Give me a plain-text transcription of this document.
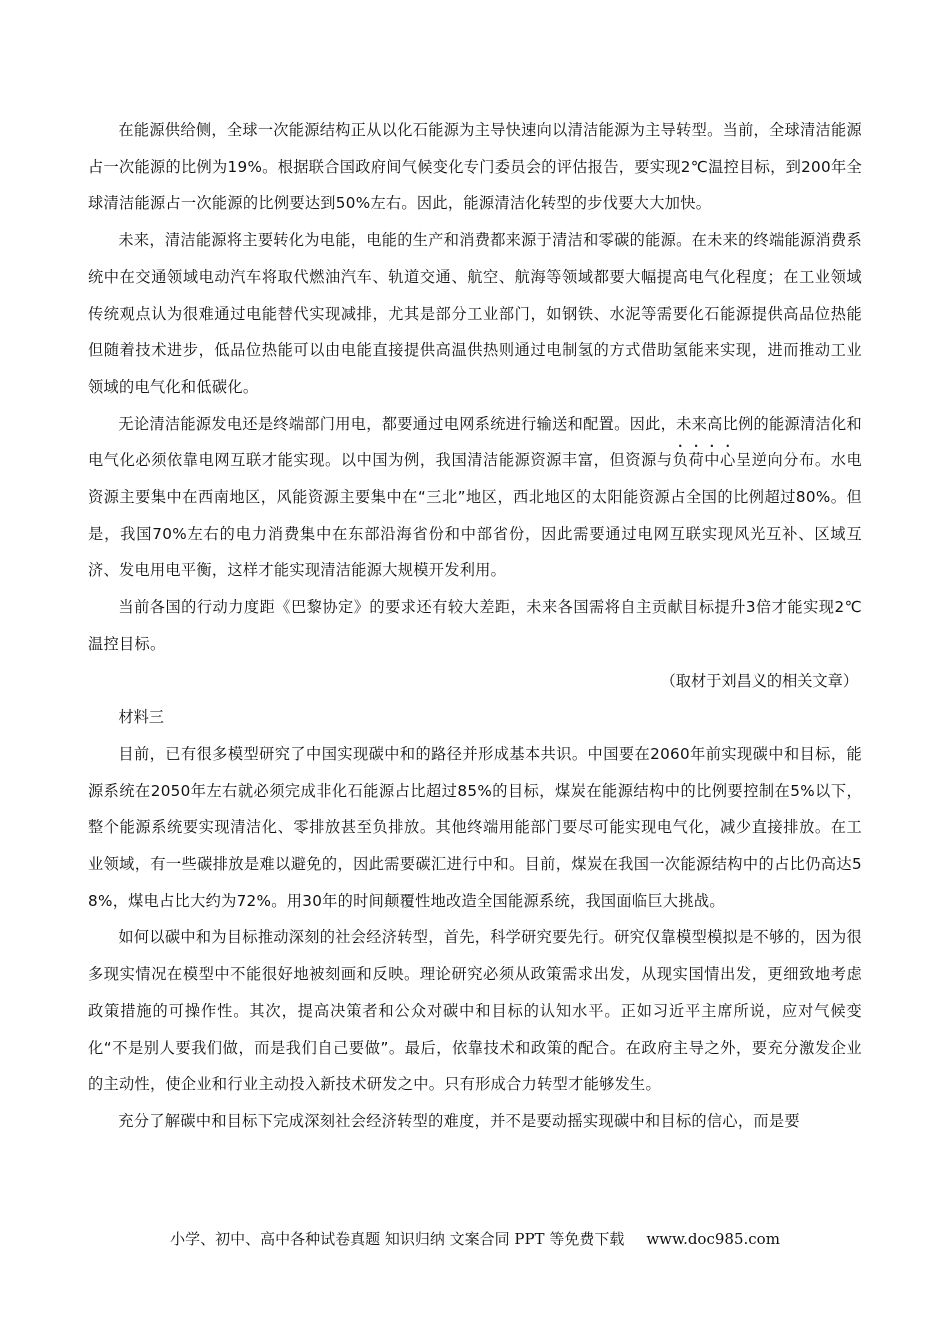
在能源供给侧，全球一次能源结构正从以化石能源为主导快速向以清洁能源为主导转型。当前，全球清洁能源占一次能源的比例为19%。根据联合国政府间气候变化专门委员会的评估报告，要实现2℃温控目标，到200年全球清洁能源占一次能源的比例要达到50%左右。因此，能源清洁化转型的步伐要大大加快。

未来，清洁能源将主要转化为电能，电能的生产和消费都来源于清洁和零碳的能源。在未来的终端能源消费系统中在交通领域电动汽车将取代燃油汽车、轨道交通、航空、航海等领域都要大幅提高电气化程度；在工业领域传统观点认为很难通过电能替代实现减排，尤其是部分工业部门，如钢铁、水泥等需要化石能源提供高品位热能但随着技术进步，低品位热能可以由电能直接提供高温供热则通过电制氢的方式借助氢能来实现，进而推动工业领域的电气化和低碳化。

无论清洁能源发电还是终端部门用电，都要通过电网系统进行输送和配置。因此，未来高比例的能源清洁化和电气化必须依靠电网互联才能实现。以中国为例，我国清洁能源资源丰富，但资源与负荷中心呈逆向分布。水电资源主要集中在西南地区，风能资源主要集中在“三北”地区，西北地区的太阳能资源占全国的比例超过80%。但是，我国70%左右的电力消费集中在东部沿海省份和中部省份，因此需要通过电网互联实现风光互补、区域互济、发电用电平衡，这样才能实现清洁能源大规模开发利用。

当前各国的行动力度距《巴黎协定》的要求还有较大差距，未来各国需将自主贡献目标提升3倍才能实现2℃温控目标。

（取材于刘昌义的相关文章）

材料三

目前，已有很多模型研究了中国实现碳中和的路径并形成基本共识。中国要在2060年前实现碳中和目标，能源系统在2050年左右就必须完成非化石能源占比超过85%的目标，煤炭在能源结构中的比例要控制在5%以下，整个能源系统要实现清洁化、零排放甚至负排放。其他终端用能部门要尽可能实现电气化，减少直接排放。在工业领域，有一些碳排放是难以避免的，因此需要碳汇进行中和。目前，煤炭在我国一次能源结构中的占比仍高达58%，煤电占比大约为72%。用30年的时间颠覆性地改造全国能源系统，我国面临巨大挑战。

如何以碳中和为目标推动深刻的社会经济转型，首先，科学研究要先行。研究仅靠模型模拟是不够的，因为很多现实情况在模型中不能很好地被刻画和反映。理论研究必须从政策需求出发，从现实国情出发，更细致地考虑政策措施的可操作性。其次，提高决策者和公众对碳中和目标的认知水平。正如习近平主席所说，应对气候变化“不是别人要我们做，而是我们自己要做”。最后，依靠技术和政策的配合。在政府主导之外，要充分激发企业的主动性，使企业和行业主动投入新技术研发之中。只有形成合力转型才能够发生。

充分了解碳中和目标下完成深刻社会经济转型的难度，并不是要动摇实现碳中和目标的信心，而是要

小学、初中、高中各种试卷真题 知识归纳 文案合同 PPT 等免费下载 www.doc985.com
